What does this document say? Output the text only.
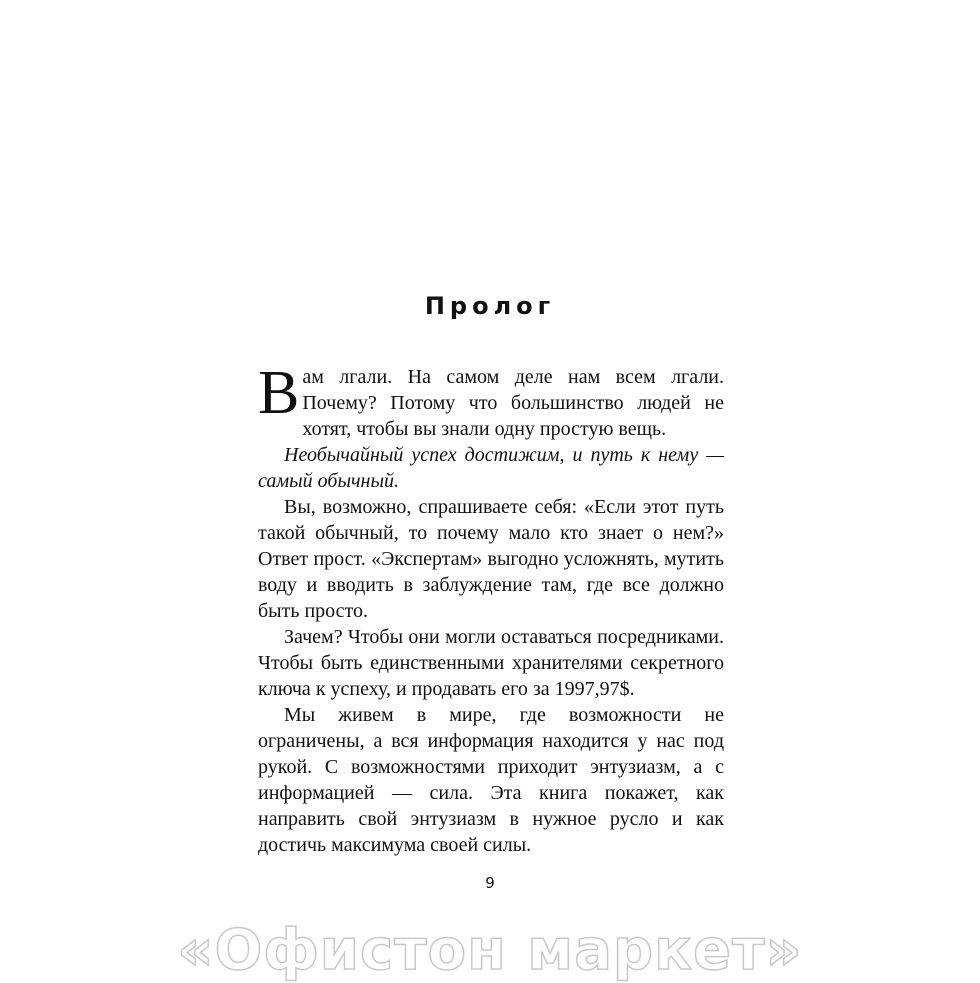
Пролог

Вам лгали. На самом деле нам всем лгали. Почему? Потому что большинство людей не хотят, чтобы вы знали одну простую вещь.

Необычайный успех достижим, и путь к нему — самый обычный.

Вы, возможно, спрашиваете себя: «Если этот путь такой обычный, то почему мало кто знает о нем?» Ответ прост. «Экспертам» выгодно усложнять, мутить воду и вводить в заблуждение там, где все должно быть просто.

Зачем? Чтобы они могли оставаться посредниками. Чтобы быть единственными хранителями секретного ключа к успеху, и продавать его за 1997,97$.

Мы живем в мире, где возможности не ограничены, а вся информация находится у нас под рукой. С возможностями приходит энтузиазм, а с информацией — сила. Эта книга покажет, как направить свой энтузиазм в нужное русло и как достичь максимума своей силы.

9
«Офистон маркет»
